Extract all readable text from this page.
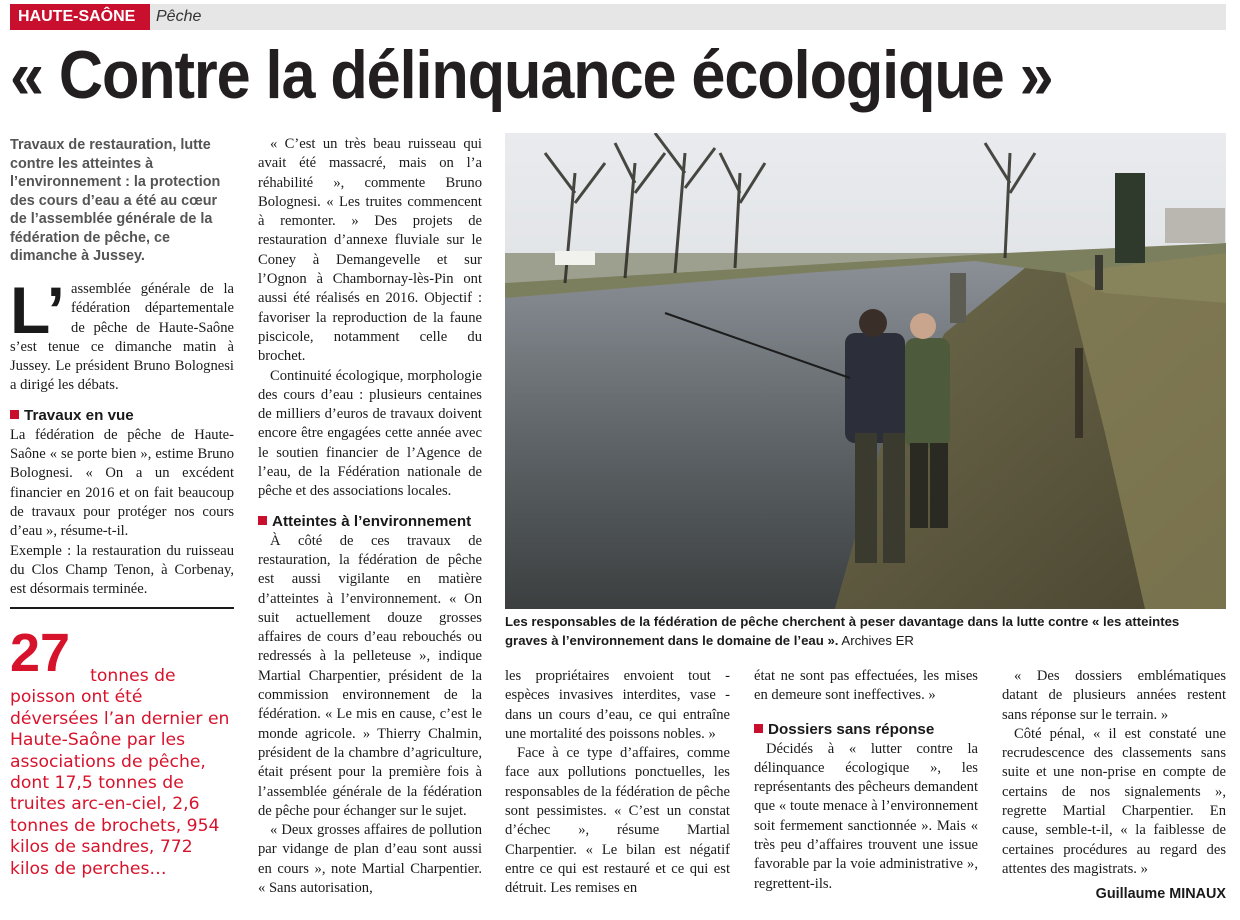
HAUTE-SAÔNE	Pêche
« Contre la délinquance écologique »
Travaux de restauration, lutte contre les atteintes à l’environnement : la protection des cours d’eau a été au cœur de l’assemblée générale de la fédération de pêche, ce dimanche à Jussey.

L’ assemblée générale de la fédération départementale de pêche de Haute-Saône s’est tenue ce dimanche matin à Jussey. Le président Bruno Bolognesi a dirigé les débats.

Travaux en vue

La fédération de pêche de Haute-Saône « se porte bien », estime Bruno Bolognesi. « On a un excédent financier en 2016 et on fait beaucoup de travaux pour protéger nos cours d’eau », résume-t-il.

Exemple : la restauration du ruisseau du Clos Champ Tenon, à Corbenay, est désormais terminée.

27	tonnes de poisson ont été déversées l’an dernier en Haute-Saône par les associations de pêche, dont 17,5 tonnes de truites arc-en-ciel, 2,6 tonnes de brochets, 954 kilos de sandres, 772 kilos de perches…

« C’est un très beau ruisseau qui avait été massacré, mais on l’a réhabilité », commente Bruno Bolognesi. « Les truites commencent à remonter. » Des projets de restauration d’annexe fluviale sur le Coney à Demangevelle et sur l’Ognon à Chambornay-lès-Pin ont aussi été réalisés en 2016. Objectif : favoriser la reproduction de la faune piscicole, notamment celle du brochet.

Continuité écologique, morphologie des cours d’eau : plusieurs centaines de milliers d’euros de travaux doivent encore être engagées cette année avec le soutien financier de l’Agence de l’eau, de la Fédération nationale de pêche et des associations locales.

Atteintes à l’environnement

À côté de ces travaux de restauration, la fédération de pêche est aussi vigilante en matière d’atteintes à l’environnement. « On suit actuellement douze grosses affaires de cours d’eau rebouchés ou redressés à la pelleteuse », indique Martial Charpentier, président de la commission environnement de la fédération. « Le mis en cause, c’est le monde agricole. » Thierry Chalmin, président de la chambre d’agriculture, était présent pour la première fois à l’assemblée générale de la fédération de pêche pour échanger sur le sujet.

« Deux grosses affaires de pollution par vidange de plan d’eau sont aussi en cours », note Martial Charpentier. « Sans autorisation,

Les responsables de la fédération de pêche cherchent à peser davantage dans la lutte contre « les atteintes graves à l’environnement dans le domaine de l’eau ». Archives ER

les propriétaires envoient tout - espèces invasives interdites, vase - dans un cours d’eau, ce qui entraîne une mortalité des poissons nobles. »

Face à ce type d’affaires, comme face aux pollutions ponctuelles, les responsables de la fédération de pêche sont pessimistes. « C’est un constat d’échec », résume Martial Charpentier. « Le bilan est négatif entre ce qui est restauré et ce qui est détruit. Les remises en

état ne sont pas effectuées, les mises en demeure sont ineffectives. »

Dossiers sans réponse

Décidés à « lutter contre la délinquance écologique », les représentants des pêcheurs demandent que « toute menace à l’environnement soit fermement sanctionnée ». Mais « très peu d’affaires trouvent une issue favorable par la voie administrative », regrettent-ils.

« Des dossiers emblématiques datant de plusieurs années restent sans réponse sur le terrain. »

Côté pénal, « il est constaté une recrudescence des classements sans suite et une non-prise en compte de certains de nos signalements », regrette Martial Charpentier. En cause, semble-t-il, « la faiblesse de certaines procédures au regard des attentes des magistrats. »

Guillaume MINAUX
